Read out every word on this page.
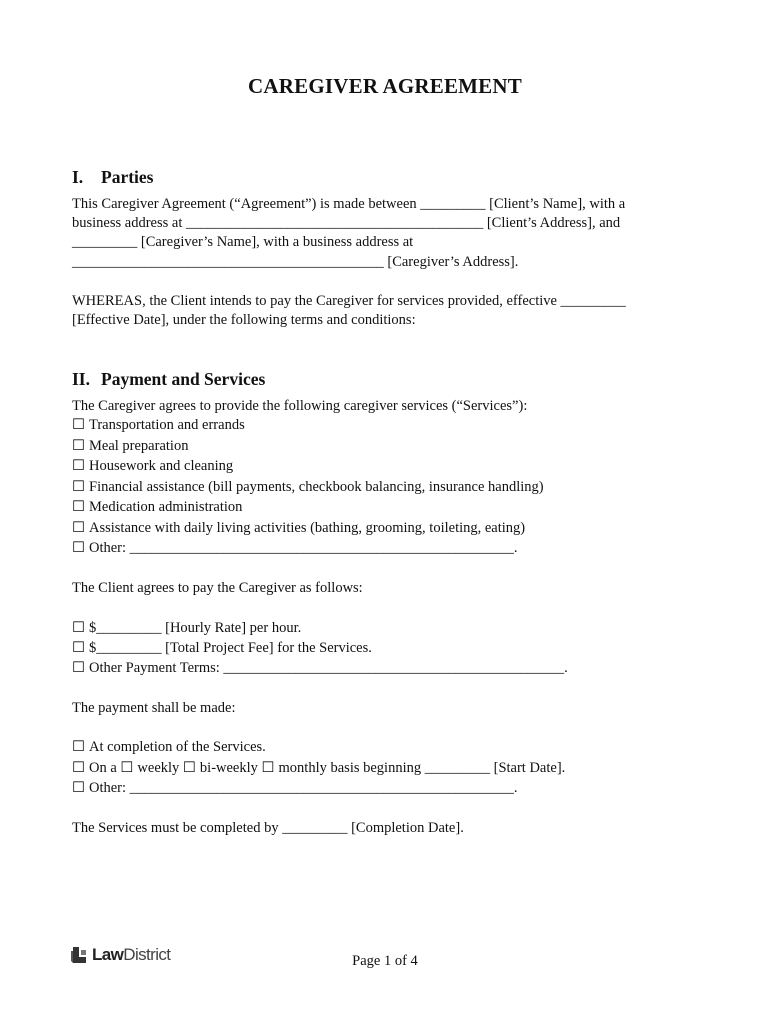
CAREGIVER AGREEMENT
I. Parties
This Caregiver Agreement (“Agreement”) is made between _________ [Client’s Name], with a
business address at _________________________________________ [Client’s Address], and
_________ [Caregiver’s Name], with a business address at
___________________________________________ [Caregiver’s Address].
WHEREAS, the Client intends to pay the Caregiver for services provided, effective _________
[Effective Date], under the following terms and conditions:
II. Payment and Services
The Caregiver agrees to provide the following caregiver services (“Services”):
☐ Transportation and errands
☐ Meal preparation
☐ Housework and cleaning
☐ Financial assistance (bill payments, checkbook balancing, insurance handling)
☐ Medication administration
☐ Assistance with daily living activities (bathing, grooming, toileting, eating)
☐ Other: _____________________________________________________.
The Client agrees to pay the Caregiver as follows:
☐ $_________ [Hourly Rate] per hour.
☐ $_________ [Total Project Fee] for the Services.
☐ Other Payment Terms: _______________________________________________.
The payment shall be made:
☐ At completion of the Services.
☐ On a ☐ weekly ☐ bi-weekly ☐ monthly basis beginning _________ [Start Date].
☐ Other: _____________________________________________________.
The Services must be completed by _________ [Completion Date].
LawDistrict	Page 1 of 4
